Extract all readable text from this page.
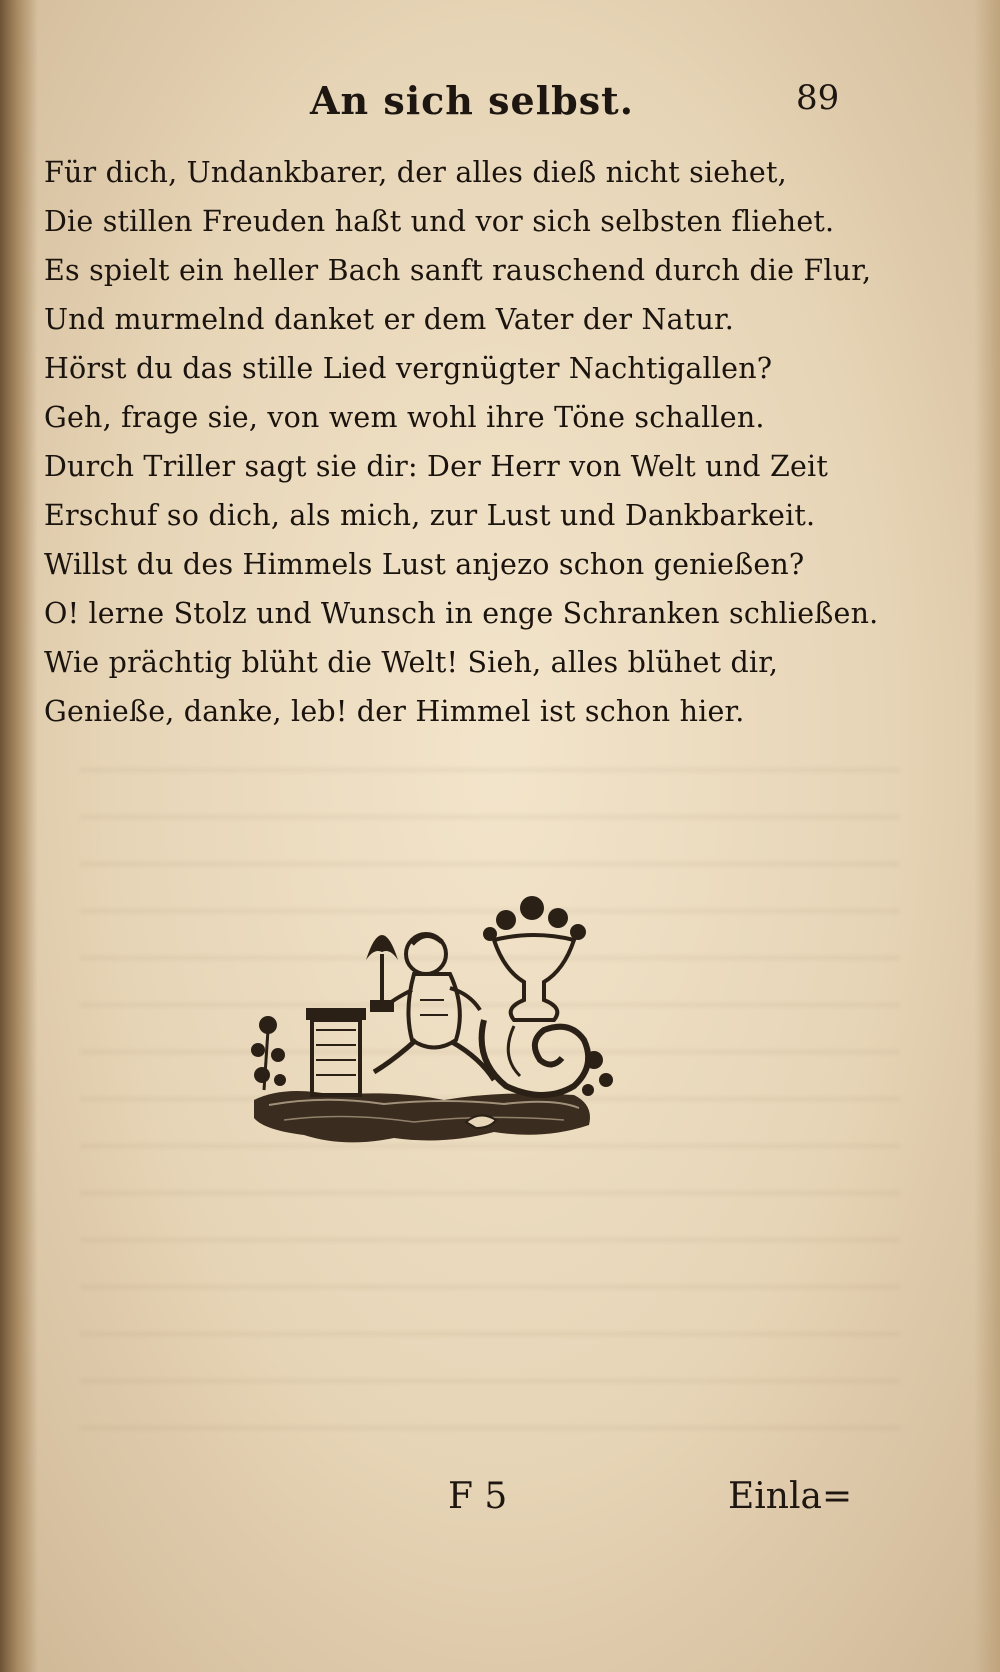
An sich selbst.	89
Für dich, Undankbarer, der alles dieß nicht siehet,
Die stillen Freuden haßt und vor sich selbsten fliehet.
Es spielt ein heller Bach sanft rauschend durch die Flur,
Und murmelnd danket er dem Vater der Natur.
Hörst du das stille Lied vergnügter Nachtigallen?
Geh, frage sie, von wem wohl ihre Töne schallen.
Durch Triller sagt sie dir: Der Herr von Welt und Zeit
Erschuf so dich, als mich, zur Lust und Dankbarkeit.
Willst du des Himmels Lust anjezo schon genießen?
O! lerne Stolz und Wunsch in enge Schranken schließen.
Wie prächtig blüht die Welt! Sieh, alles blühet dir,
Genieße, danke, leb! der Himmel ist schon hier.
F 5	Einla=
